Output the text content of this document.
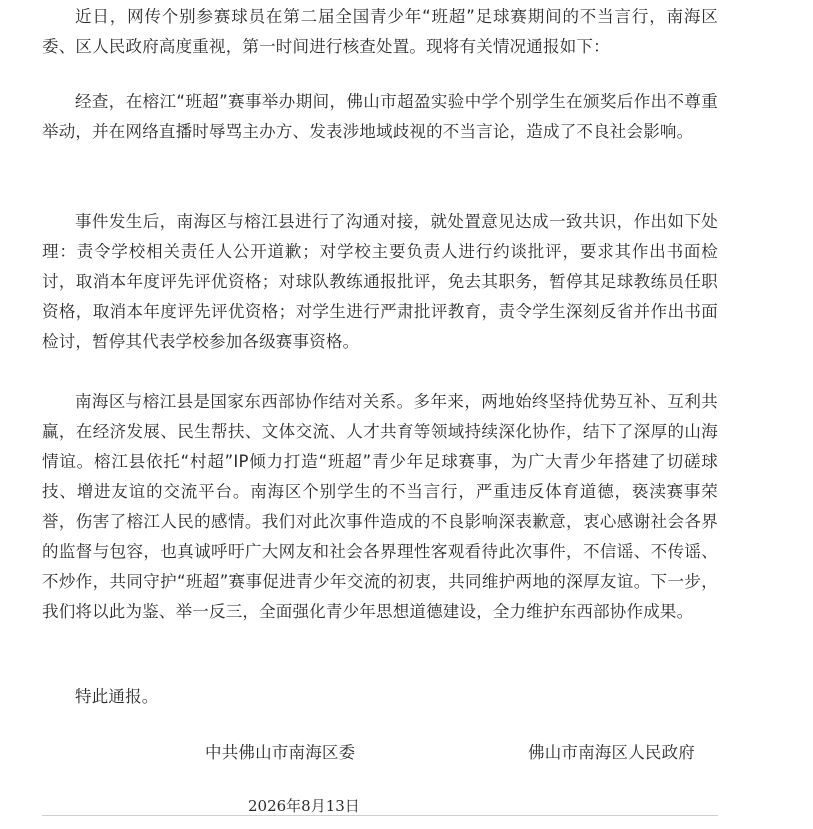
近日，网传个别参赛球员在第二届全国青少年“班超”足球赛期间的不当言行，南海区委、区人民政府高度重视，第一时间进行核查处置。现将有关情况通报如下：

经查，在榕江“班超”赛事举办期间，佛山市超盈实验中学个别学生在颁奖后作出不尊重举动，并在网络直播时辱骂主办方、发表涉地域歧视的不当言论，造成了不良社会影响。

事件发生后，南海区与榕江县进行了沟通对接，就处置意见达成一致共识，作出如下处理：责令学校相关责任人公开道歉；对学校主要负责人进行约谈批评，要求其作出书面检讨，取消本年度评先评优资格；对球队教练通报批评，免去其职务，暂停其足球教练员任职资格，取消本年度评先评优资格；对学生进行严肃批评教育，责令学生深刻反省并作出书面检讨，暂停其代表学校参加各级赛事资格。

南海区与榕江县是国家东西部协作结对关系。多年来，两地始终坚持优势互补、互利共赢，在经济发展、民生帮扶、文体交流、人才共育等领域持续深化协作，结下了深厚的山海情谊。榕江县依托“村超”IP倾力打造“班超”青少年足球赛事，为广大青少年搭建了切磋球技、增进友谊的交流平台。南海区个别学生的不当言行，严重违反体育道德，亵渎赛事荣誉，伤害了榕江人民的感情。我们对此次事件造成的不良影响深表歉意，衷心感谢社会各界的监督与包容，也真诚呼吁广大网友和社会各界理性客观看待此次事件，不信谣、不传谣、不炒作，共同守护“班超”赛事促进青少年交流的初衷，共同维护两地的深厚友谊。下一步，我们将以此为鉴、举一反三，全面强化青少年思想道德建设，全力维护东西部协作成果。

特此通报。

中共佛山市南海区委	佛山市南海区人民政府
2026年8月13日
